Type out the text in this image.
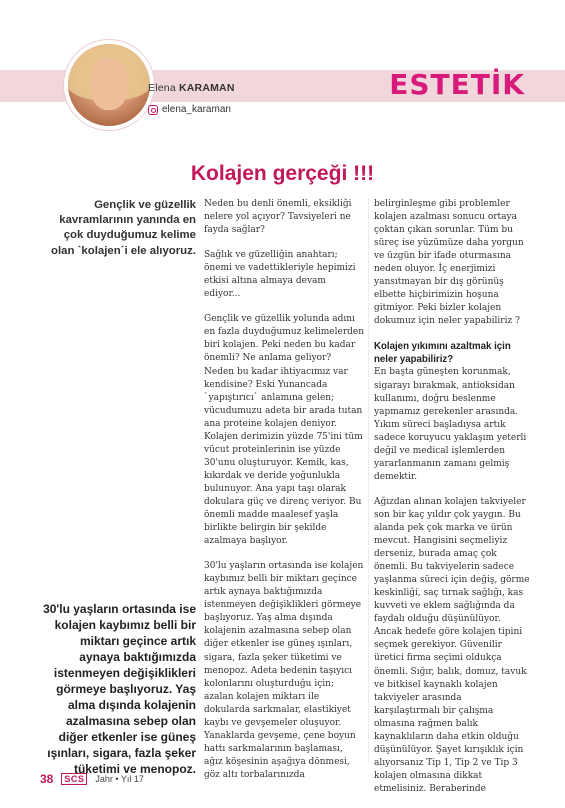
Elena KARAMAN
elena_karaman
ESTETİK
Kolajen gerçeği !!!
Gençlik ve güzellik kavramlarının yanında en çok duyduğumuz kelime olan `kolajen´i ele alıyoruz.

Neden bu denli önemli, eksikliği nelere yol açıyor? Tavsiyeleri ne fayda sağlar?

Sağlık ve güzelliğin anahtarı; önemi ve vadettikleriyle hepimizi etkisi altına almaya devam ediyor...

Gençlik ve güzellik yolunda adını en fazla duyduğumuz kelimelerden biri kolajen. Peki neden bu kadar önemli? Ne anlama geliyor? Neden bu kadar ihtiyacımız var kendisine? Eski Yunancada `yapıştırıcı` anlamına gelen; vücudumuzu adeta bir arada tutan ana proteine kolajen deniyor. Kolajen derimizin yüzde 75'ini tüm vücut proteinlerinin ise yüzde 30'unu oluşturuyor. Kemik, kas, kıkırdak ve deride yoğunlukla bulunuyor. Ana yapı taşı olarak dokulara güç ve direnç veriyor. Bu önemli madde maalesef yaşla birlikte belirgin bir şekilde azalmaya başlıyor.

30'lu yaşların ortasında ise kolajen kaybımız belli bir miktarı geçince artık aynaya baktığımızda istenmeyen değişiklikleri görmeye başlıyoruz. Yaş alma dışında kolajenin azalmasına sebep olan diğer etkenler ise güneş ışınları, sigara, fazla şeker tüketimi ve menopoz. Adeta bedenin taşıyıcı kolonlarını oluşturduğu için; azalan kolajen miktarı ile dokularda sarkmalar, elastikiyet kaybı ve gevşemeler oluşuyor. Yanaklarda gevşeme, çene boyun hattı sarkmalarının başlaması, ağız köşesinin aşağıya dönmesi, göz altı torbalarınızda

belirginleşme gibi problemler kolajen azalması sonucu ortaya çoktan çıkan sorunlar. Tüm bu süreç ise yüzümüze daha yorgun ve üzgün bir ifade oturmasına neden oluyor. İç enerjimizi yansıtmayan bir dış görünüş elbette hiçbirimizin hoşuna gitmiyor. Peki bizler kolajen dokumuz için neler yapabiliriz ?

Kolajen yıkımını azaltmak için neler yapabiliriz?

En başta güneşten korunmak, sigarayı bırakmak, antioksidan kullanımı, doğru beslenme yapmamız gerekenler arasında. Yıkım süreci başladıysa artık sadece koruyucu yaklaşım yeterli değil ve medical işlemlerden yararlanmanın zamanı gelmiş demektir.

Ağızdan alınan kolajen takviyeler son bir kaç yıldır çok yaygın. Bu alanda pek çok marka ve ürün mevcut. Hangisini seçmeliyiz derseniz, burada amaç çok önemli. Bu takviyelerin sadece yaşlanma süreci için değiş, görme keskinliği, saç tırnak sağlığı, kas kuvveti ve eklem sağlığında da faydalı olduğu düşünülüyor. Ancak hedefe göre kolajen tipini seçmek gerekiyor. Güvenilir üretici firma seçimi oldukça önemli. Sığır, balık, domuz, tavuk ve bitkisel kaynaklı kolajen takviyeler arasında karşılaştırmalı bir çalışma olmasına rağmen balık kaynaklıların daha etkin olduğu düşünülüyor. Şayet kırışıklık için alıyorsanız Tip 1, Tip 2 ve Tip 3 kolajen olmasına dikkat etmelisiniz. Beraberinde

30'lu yaşların ortasında ise kolajen kaybımız belli bir miktarı geçince artık aynaya baktığımızda istenmeyen değişiklikleri görmeye başlıyoruz. Yaş alma dışında kolajenin azalmasına sebep olan diğer etkenler ise güneş ışınları, sigara, fazla şeker tüketimi ve menopoz.
38	SCS	Jahr • Yıl 17
